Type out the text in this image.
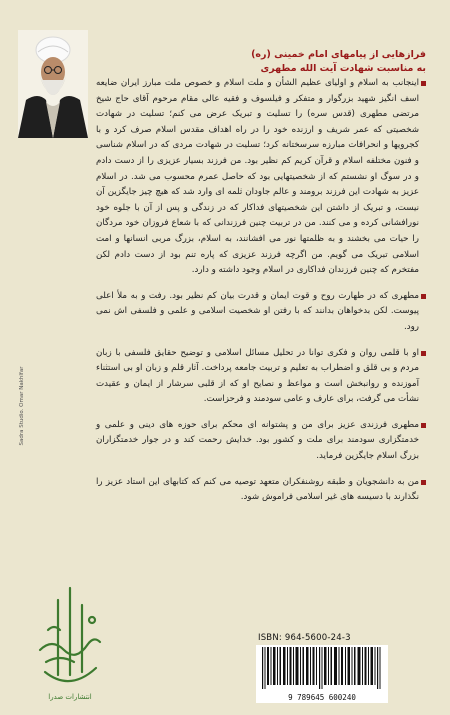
فرازهایی از پیامهای امام خمینی (ره)
به مناسبت شهادت آیت الله مطهری
اینجانب به اسلام و اولیای عظیم الشأن و ملت اسلام و خصوص ملت مبارز ایران ضایعه اسف انگیز شهید بزرگوار و متفکر و فیلسوف و فقیه عالی مقام مرحوم آقای حاج شیخ مرتضی مطهری (قدس سره) را تسلیت و تبریک عرض می کنم؛ تسلیت در شهادت شخصیتی که عمر شریف و ارزنده خود را در راه اهداف مقدس اسلام صرف کرد و با کجرویها و انحرافات مبارزه سرسختانه کرد؛ تسلیت در شهادت مردی که در اسلام شناسی و فنون مختلفه اسلام و قرآن کریم کم نظیر بود. من فرزند بسیار عزیزی را از دست دادم و در سوگ او نشستم که از شخصیتهایی بود که حاصل عمرم محسوب می شد. در اسلام عزیز به شهادت این فرزند برومند و عالم جاودان ثلمه ای وارد شد که هیچ چیز جایگزین آن نیست، و تبریک از داشتن این شخصیتهای فداکار که در زندگی و پس از آن با جلوه خود نورافشانی کرده و می کنند. من در تربیت چنین فرزندانی که با شعاع فروزان خود مردگان را حیات می بخشند و به ظلمتها نور می افشانند، به اسلام، بزرگ مربی انسانها و امت اسلامی تبریک می گویم. من اگرچه فرزند عزیزی که پاره تنم بود از دست دادم لکن مفتخرم که چنین فرزندان فداکاری در اسلام وجود داشته و دارد.
مطهری که در طهارت روح و قوت ایمان و قدرت بیان کم نظیر بود. رفت و به ملأ اعلی پیوست. لکن بدخواهان بدانند که با رفتن او شخصیت اسلامی و علمی و فلسفی اش نمی رود.
او با قلمی روان و فکری توانا در تحلیل مسائل اسلامی و توضیح حقایق فلسفی با زبان مردم و بی قلق و اضطراب به تعلیم و تربیت جامعه پرداخت. آثار قلم و زبان او بی استثناء آموزنده و روانبخش است و مواعظ و نصایح او که از قلبی سرشار از ایمان و عقیدت نشأت می گرفت، برای عارف و عامی سودمند و فرحزاست.
مطهری فرزندی عزیز برای من و پشتوانه ای محکم برای حوزه های دینی و علمی و خدمتگزاری سودمند برای ملت و کشور بود. خدایش رحمت کند و در جوار خدمتگزاران بزرگ اسلام جایگزین فرماید.
من به دانشجویان و طبقه روشنفکران متعهد توصیه می کنم که کتابهای این استاد عزیز را نگذارند با دسیسه های غیر اسلامی فراموش شود.
Sadra Studio. Omar Nakhlfar
انتشارات صدرا
ISBN: 964-5600-24-3
9 789645 600240
